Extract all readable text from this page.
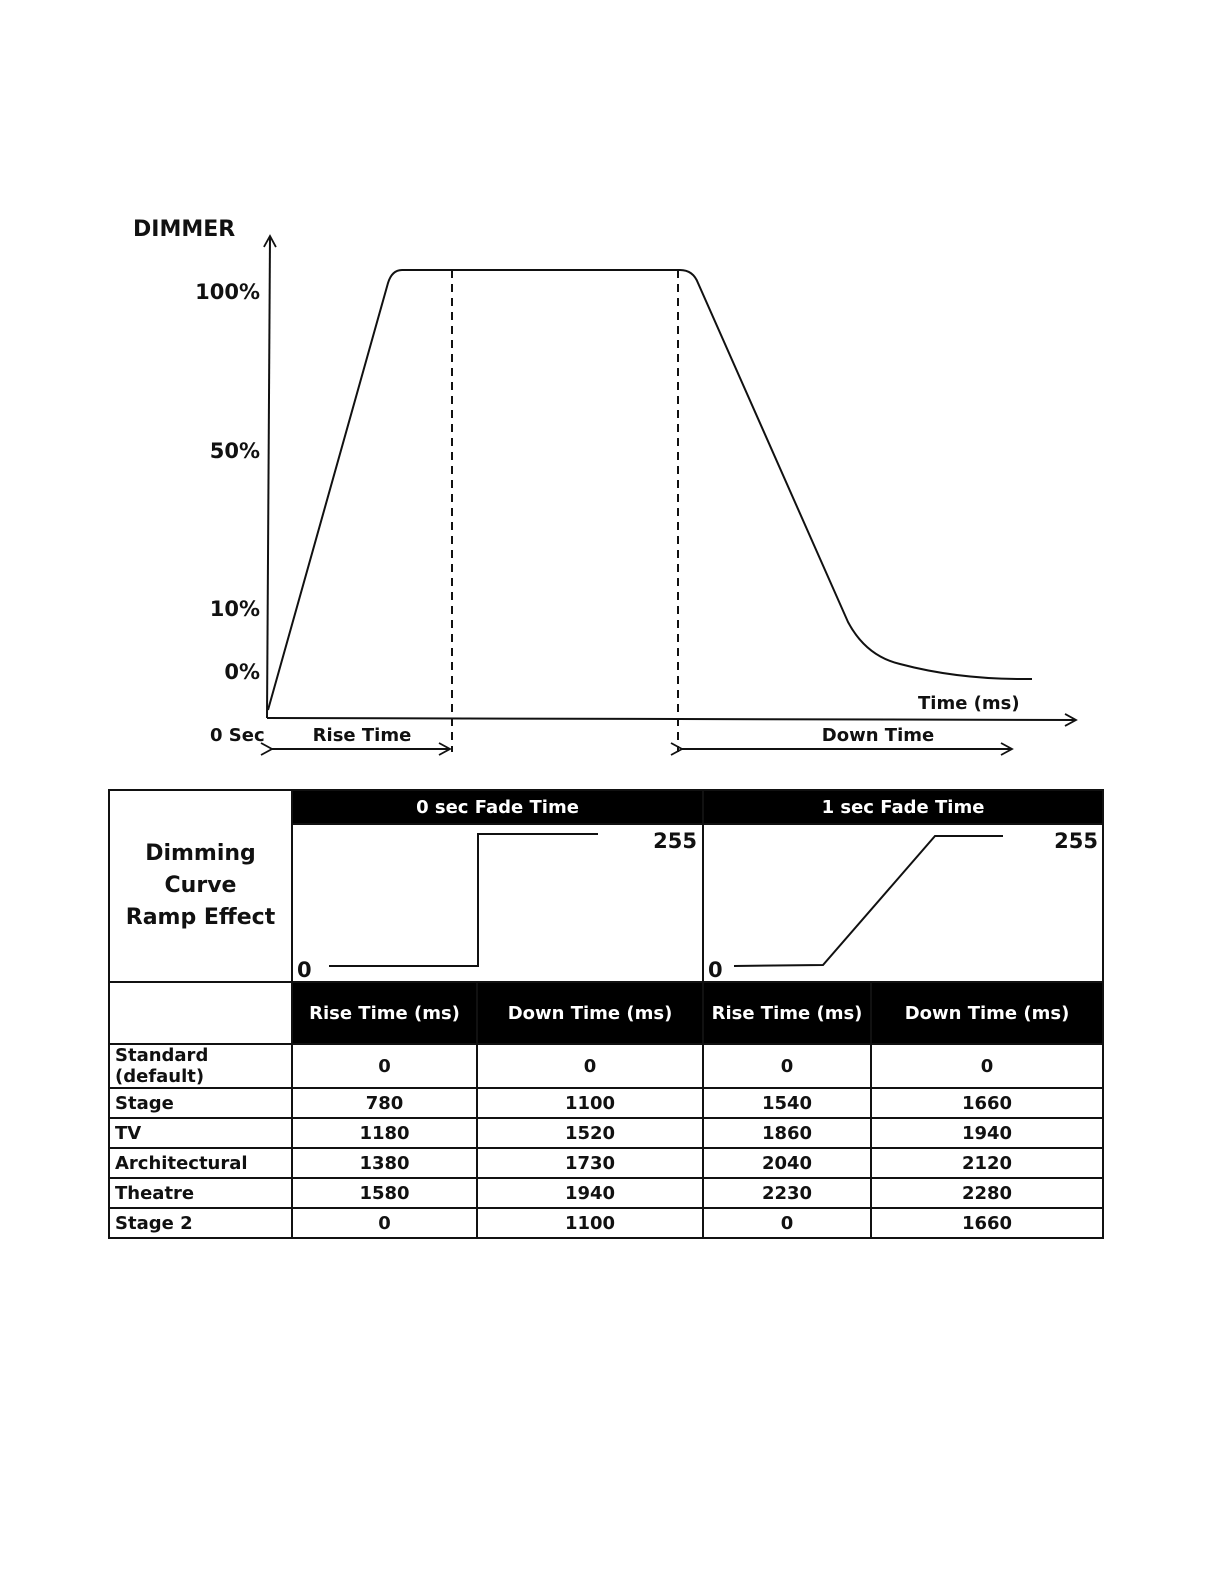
DIMMER
100%
50%
10%
0%
0 Sec
Time (ms)
Rise Time	Down Time
Dimming Curve
Ramp Effect	0 sec Fade Time		1 sec Fade Time	

0
255		0
255	

	Rise Time (ms)	Down Time (ms)	Rise Time (ms)	Down Time (ms)
Standard (default)	0	0	0	0
Stage	780	1100	1540	1660
TV	1180	1520	1860	1940
Architectural	1380	1730	2040	2120
Theatre	1580	1940	2230	2280
Stage 2	0	1100	0	1660
